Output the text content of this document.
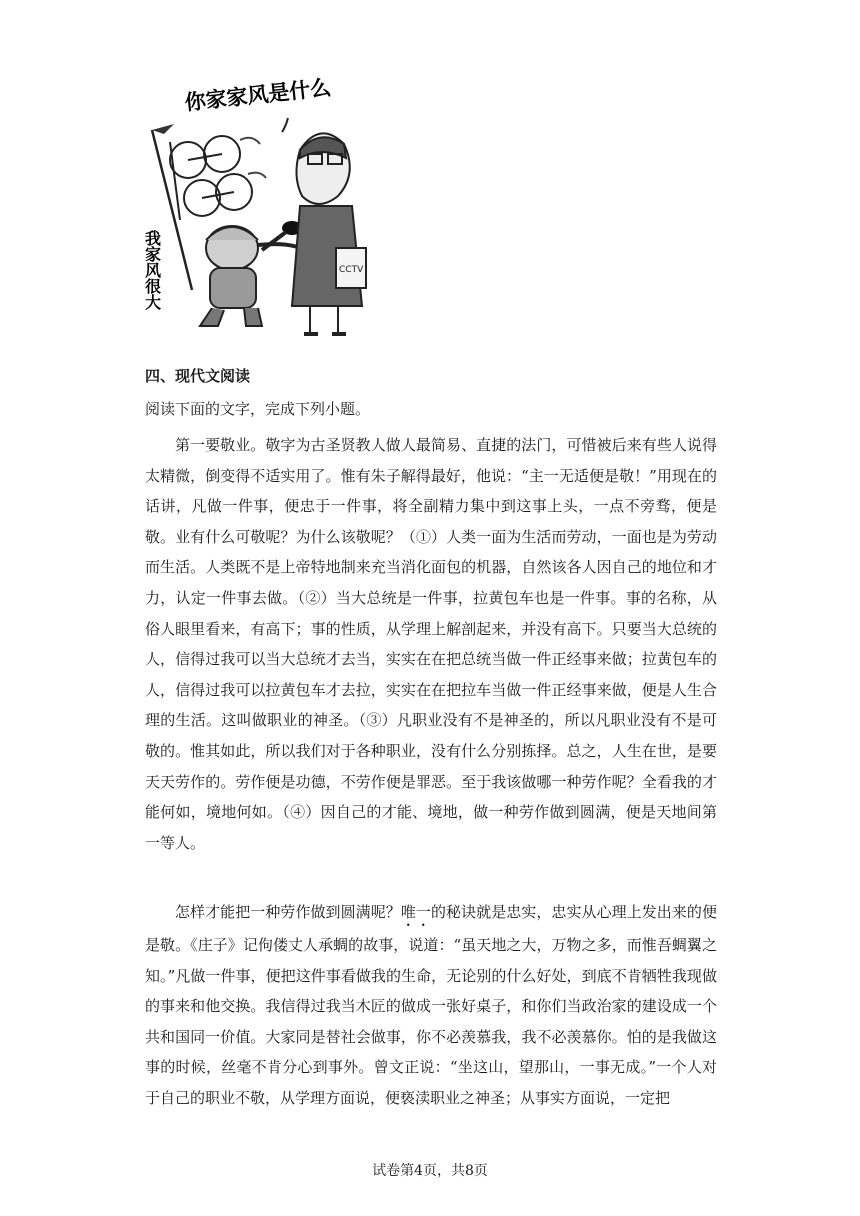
你家家风是什么
我家风很大	CCTV
四、现代文阅读
阅读下面的文字，完成下列小题。

第一要敬业。敬字为古圣贤教人做人最简易、直捷的法门，可惜被后来有些人说得太精微，倒变得不适实用了。惟有朱子解得最好，他说：“主一无适便是敬！”用现在的话讲，凡做一件事，便忠于一件事，将全副精力集中到这事上头，一点不旁骛，便是敬。业有什么可敬呢？为什么该敬呢？（①）人类一面为生活而劳动，一面也是为劳动而生活。人类既不是上帝特地制来充当消化面包的机器，自然该各人因自己的地位和才力，认定一件事去做。（②）当大总统是一件事，拉黄包车也是一件事。事的名称，从俗人眼里看来，有高下；事的性质，从学理上解剖起来，并没有高下。只要当大总统的人，信得过我可以当大总统才去当，实实在在把总统当做一件正经事来做；拉黄包车的人，信得过我可以拉黄包车才去拉，实实在在把拉车当做一件正经事来做，便是人生合理的生活。这叫做职业的神圣。（③）凡职业没有不是神圣的，所以凡职业没有不是可敬的。惟其如此，所以我们对于各种职业，没有什么分别拣择。总之，人生在世，是要天天劳作的。劳作便是功德，不劳作便是罪恶。至于我该做哪一种劳作呢？全看我的才能何如，境地何如。（④）因自己的才能、境地，做一种劳作做到圆满，便是天地间第一等人。

怎样才能把一种劳作做到圆满呢？唯一的秘诀就是忠实，忠实从心理上发出来的便是敬。《庄子》记佝偻丈人承蜩的故事，说道：“虽天地之大，万物之多，而惟吾蜩翼之知。”凡做一件事，便把这件事看做我的生命，无论别的什么好处，到底不肯牺牲我现做的事来和他交换。我信得过我当木匠的做成一张好桌子，和你们当政治家的建设成一个共和国同一价值。大家同是替社会做事，你不必羡慕我，我不必羡慕你。怕的是我做这事的时候，丝毫不肯分心到事外。曾文正说：“坐这山，望那山，一事无成。”一个人对于自己的职业不敬，从学理方面说，便亵渎职业之神圣；从事实方面说，一定把

试卷第4页，共8页
